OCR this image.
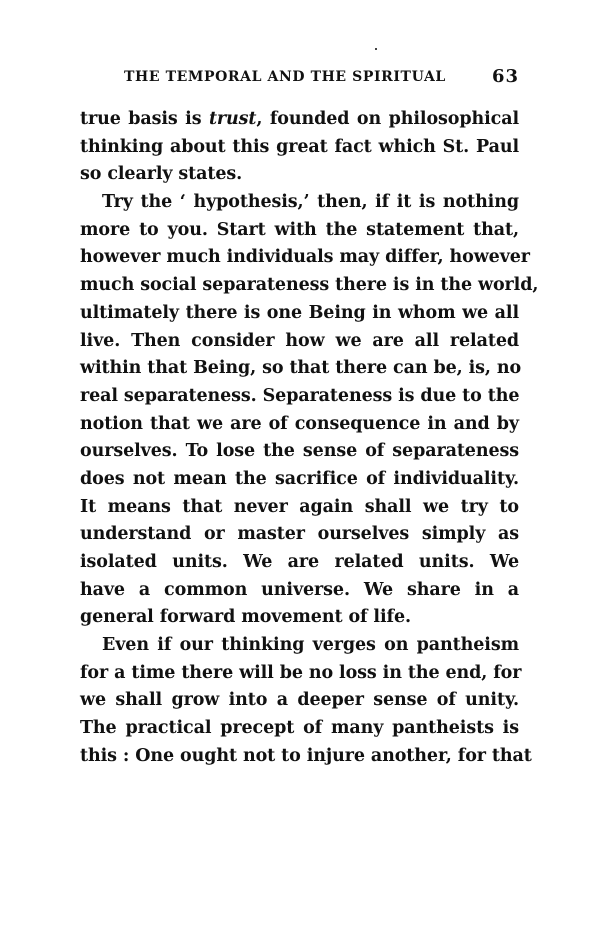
THE TEMPORAL AND THE SPIRITUAL	63
true basis is trust, founded on philosophical
thinking about this great fact which St. Paul
so clearly states.
Try the ‘ hypothesis,’ then, if it is nothing
more to you. Start with the statement that,
however much individuals may differ, however
much social separateness there is in the world,
ultimately there is one Being in whom we all
live. Then consider how we are all related
within that Being, so that there can be, is, no
real separateness. Separateness is due to the
notion that we are of consequence in and by
ourselves. To lose the sense of separateness
does not mean the sacrifice of individuality.
It means that never again shall we try to
understand or master ourselves simply as
isolated units. We are related units. We
have a common universe. We share in a
general forward movement of life.
Even if our thinking verges on pantheism
for a time there will be no loss in the end, for
we shall grow into a deeper sense of unity.
The practical precept of many pantheists is
this : One ought not to injure another, for that
